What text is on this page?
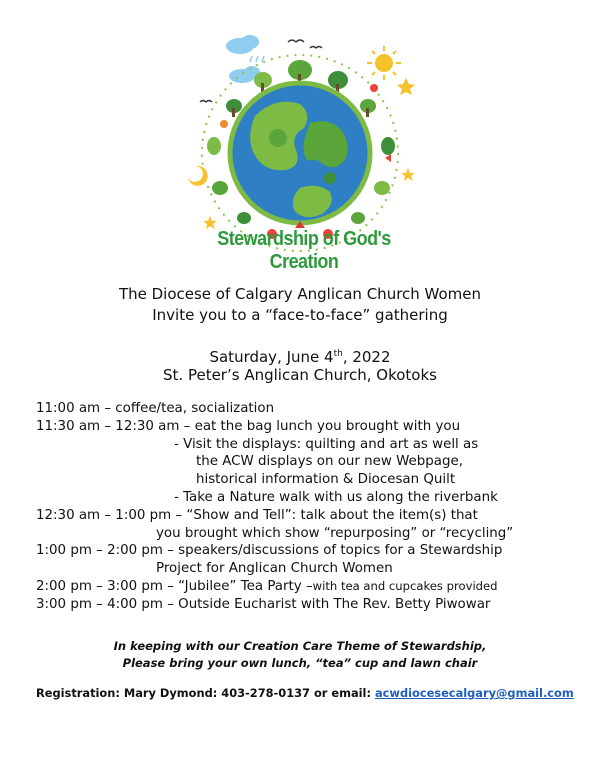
Stewardship of God's Creation
The Diocese of Calgary Anglican Church Women
Invite you to a “face-to-face” gathering
Saturday, June 4th, 2022
St. Peter’s Anglican Church, Okotoks
11:00 am – coffee/tea, socialization
11:30 am – 12:30 am – eat the bag lunch you brought with you
- Visit the displays: quilting and art as well as
the ACW displays on our new Webpage,
historical information & Diocesan Quilt
- Take a Nature walk with us along the riverbank
12:30 am – 1:00 pm – “Show and Tell”: talk about the item(s) that
you brought which show “repurposing” or “recycling”
1:00 pm – 2:00 pm – speakers/discussions of topics for a Stewardship
Project for Anglican Church Women
2:00 pm – 3:00 pm – “Jubilee” Tea Party –with tea and cupcakes provided
3:00 pm – 4:00 pm – Outside Eucharist with The Rev. Betty Piwowar
In keeping with our Creation Care Theme of Stewardship,
Please bring your own lunch, “tea” cup and lawn chair
Registration: Mary Dymond: 403-278-0137 or email: acwdiocesecalgary@gmail.com
